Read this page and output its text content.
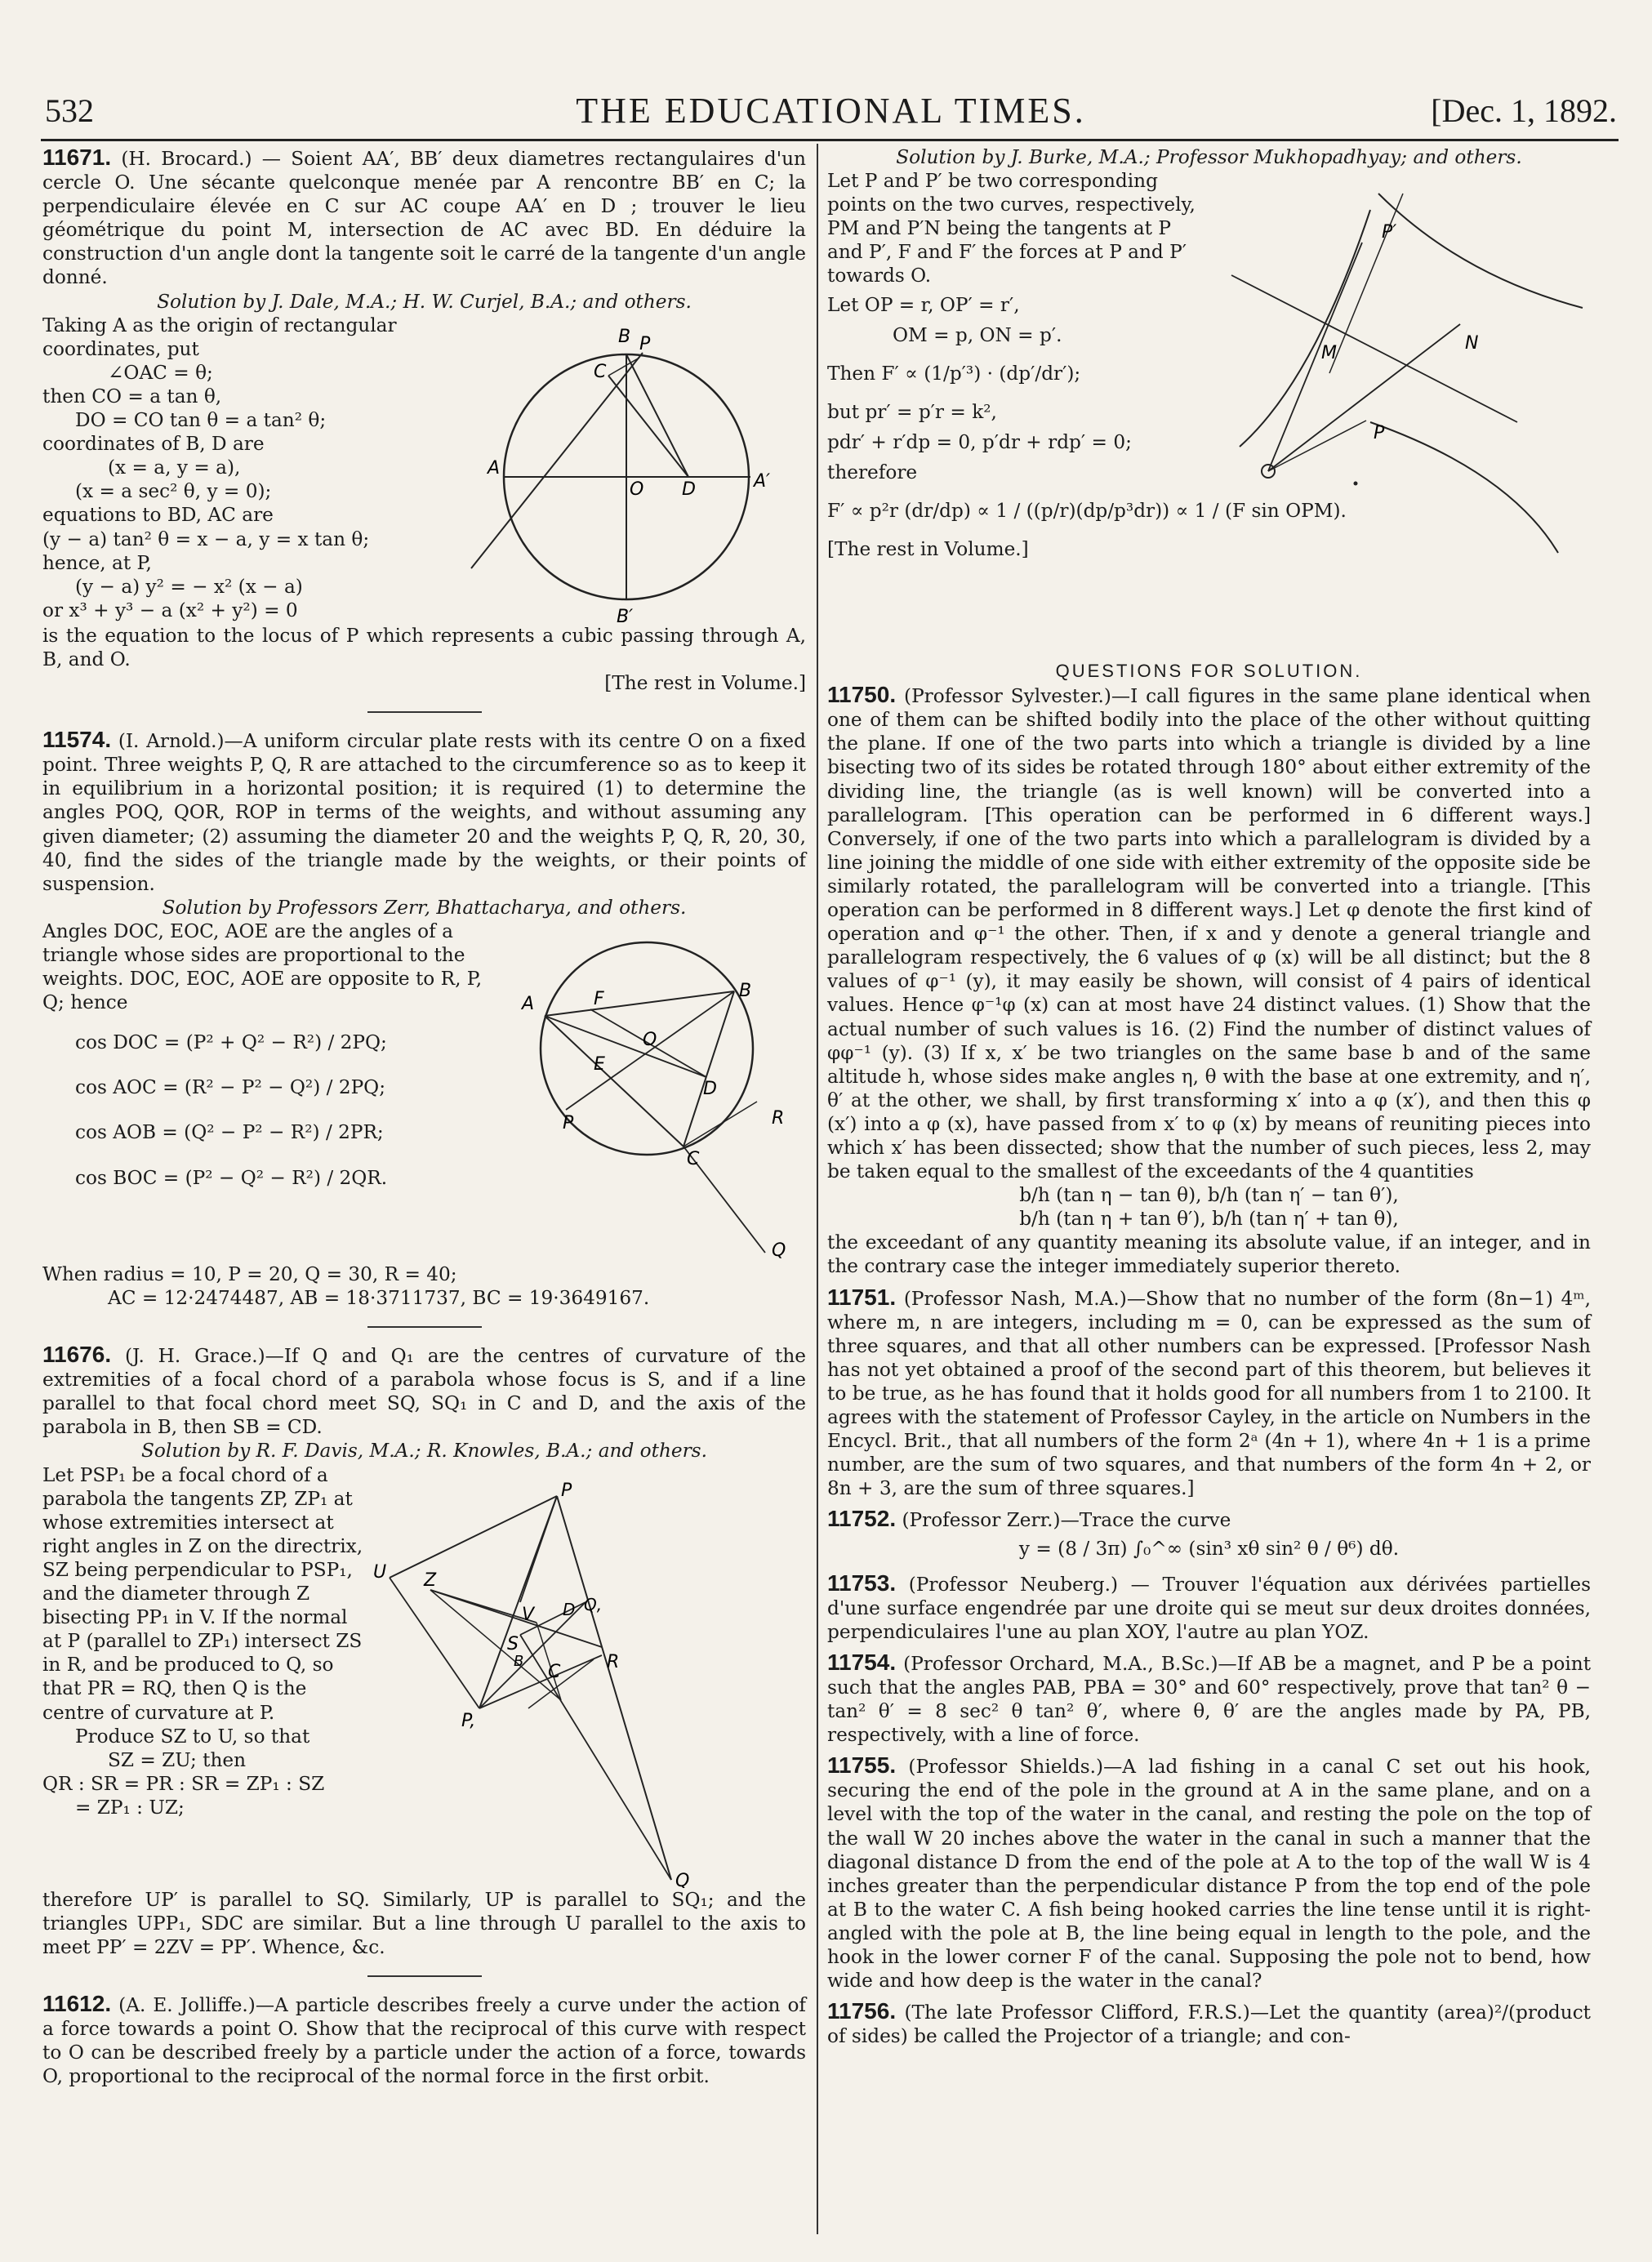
532	THE EDUCATIONAL TIMES.	[Dec. 1, 1892.

11671. (H. Brocard.) — Soient AA′, BB′ deux diametres rectangulaires d'un cercle O. Une sécante quelconque menée par A rencontre BB′ en C; la perpendiculaire élevée en C sur AC coupe AA′ en D ; trouver le lieu géométrique du point M, intersection de AC avec BD. En déduire la construction d'un angle dont la tangente soit le carré de la tangente d'un angle donné.

Solution by J. Dale, M.A.; H. W. Curjel, B.A.; and others.

Taking A as the origin of rectangular coordinates, put

∠OAC = θ;

then CO = a tan θ,

DO = CO tan θ = a tan² θ;

coordinates of B, D are

(x = a, y = a),

(x = a sec² θ, y = 0);

equations to BD, AC are

(y − a) tan² θ = x − a, y = x tan θ;

hence, at P,

(y − a) y² = − x² (x − a)

or x³ + y³ − a (x² + y²) = 0

B P
C
A
A′
O D
B′

is the equation to the locus of P which represents a cubic passing through A, B, and O.

[The rest in Volume.]

11574. (I. Arnold.)—A uniform circular plate rests with its centre O on a fixed point. Three weights P, Q, R are attached to the circumference so as to keep it in equilibrium in a horizontal position; it is required (1) to determine the angles POQ, QOR, ROP in terms of the weights, and without assuming any given diameter; (2) assuming the diameter 20 and the weights P, Q, R, 20, 30, 40, find the sides of the triangle made by the weights, or their points of suspension.

Solution by Professors Zerr, Bhattacharya, and others.

Angles DOC, EOC, AOE are the angles of a triangle whose sides are proportional to the weights. DOC, EOC, AOE are opposite to R, P, Q; hence

cos DOC = (P² + Q² − R²) / 2PQ;

cos AOC = (R² − P² − Q²) / 2PQ;

cos AOB = (Q² − P² − R²) / 2PR;

cos BOC = (P² − Q² − R²) / 2QR.

A	F	B
O
E
P
D
C
R
Q

When radius = 10, P = 20, Q = 30, R = 40;

AC = 12·2474487, AB = 18·3711737, BC = 19·3649167.

11676. (J. H. Grace.)—If Q and Q₁ are the centres of curvature of the extremities of a focal chord of a parabola whose focus is S, and if a line parallel to that focal chord meet SQ, SQ₁ in C and D, and the axis of the parabola in B, then SB = CD.

Solution by R. F. Davis, M.A.; R. Knowles, B.A.; and others.

Let PSP₁ be a focal chord of a parabola the tangents ZP, ZP₁ at whose extremities intersect at right angles in Z on the directrix, SZ being perpendicular to PSP₁, and the diameter through Z bisecting PP₁ in V. If the normal at P (parallel to ZP₁) intersect ZS in R, and be produced to Q, so that PR = RQ, then Q is the centre of curvature at P.

Produce SZ to U, so that

SZ = ZU; then

QR : SR = PR : SR = ZP₁ : SZ

= ZP₁ : UZ;

P
U Z
V D Q,
S
B
C	R
P,
Q

therefore UP′ is parallel to SQ. Similarly, UP is parallel to SQ₁; and the triangles UPP₁, SDC are similar. But a line through U parallel to the axis to meet PP′ = 2ZV = PP′. Whence, &c.

11612. (A. E. Jolliffe.)—A particle describes freely a curve under the action of a force towards a point O. Show that the reciprocal of this curve with respect to O can be described freely by a particle under the action of a force, towards O, proportional to the reciprocal of the normal force in the first orbit.

Solution by J. Burke, M.A.; Professor Mukhopadhyay; and others.

Let P and P′ be two corresponding points on the two curves, respectively, PM and P′N being the tangents at P and P′, F and F′ the forces at P and P′ towards O.

Let OP = r, OP′ = r′,

OM = p, ON = p′.

Then F′ ∝ (1/p′³) · (dp′/dr′);

but pr′ = p′r = k²,

pdr′ + r′dp = 0, p′dr + rdp′ = 0;

therefore

F′ ∝ p²r (dr/dp) ∝ 1 / ((p/r)(dp/p³dr)) ∝ 1 / (F sin OPM).

[The rest in Volume.]

P′
M	N
P

QUESTIONS FOR SOLUTION.

11750. (Professor Sylvester.)—I call figures in the same plane identical when one of them can be shifted bodily into the place of the other without quitting the plane. If one of the two parts into which a triangle is divided by a line bisecting two of its sides be rotated through 180° about either extremity of the dividing line, the triangle (as is well known) will be converted into a parallelogram. [This operation can be performed in 6 different ways.] Conversely, if one of the two parts into which a parallelogram is divided by a line joining the middle of one side with either extremity of the opposite side be similarly rotated, the parallelogram will be converted into a triangle. [This operation can be performed in 8 different ways.] Let φ denote the first kind of operation and φ⁻¹ the other. Then, if x and y denote a general triangle and parallelogram respectively, the 6 values of φ (x) will be all distinct; but the 8 values of φ⁻¹ (y), it may easily be shown, will consist of 4 pairs of identical values. Hence φ⁻¹φ (x) can at most have 24 distinct values. (1) Show that the actual number of such values is 16. (2) Find the number of distinct values of φφ⁻¹ (y). (3) If x, x′ be two triangles on the same base b and of the same altitude h, whose sides make angles η, θ with the base at one extremity, and η′, θ′ at the other, we shall, by first transforming x′ into a φ (x′), and then this φ (x′) into a φ (x), have passed from x′ to φ (x) by means of reuniting pieces into which x′ has been dissected; show that the number of such pieces, less 2, may be taken equal to the smallest of the exceedants of the 4 quantities

b/h (tan η − tan θ), b/h (tan η′ − tan θ′),

b/h (tan η + tan θ′), b/h (tan η′ + tan θ),

the exceedant of any quantity meaning its absolute value, if an integer, and in the contrary case the integer immediately superior thereto.

11751. (Professor Nash, M.A.)—Show that no number of the form (8n−1) 4ᵐ, where m, n are integers, including m = 0, can be expressed as the sum of three squares, and that all other numbers can be expressed. [Professor Nash has not yet obtained a proof of the second part of this theorem, but believes it to be true, as he has found that it holds good for all numbers from 1 to 2100. It agrees with the statement of Professor Cayley, in the article on Numbers in the Encycl. Brit., that all numbers of the form 2ᵃ (4n + 1), where 4n + 1 is a prime number, are the sum of two squares, and that numbers of the form 4n + 2, or 8n + 3, are the sum of three squares.]

11752. (Professor Zerr.)—Trace the curve

y = (8 / 3π) ∫₀^∞ (sin³ xθ sin² θ / θ⁶) dθ.

11753. (Professor Neuberg.) — Trouver l'équation aux dérivées partielles d'une surface engendrée par une droite qui se meut sur deux droites données, perpendiculaires l'une au plan XOY, l'autre au plan YOZ.

11754. (Professor Orchard, M.A., B.Sc.)—If AB be a magnet, and P be a point such that the angles PAB, PBA = 30° and 60° respectively, prove that tan² θ − tan² θ′ = 8 sec² θ tan² θ′, where θ, θ′ are the angles made by PA, PB, respectively, with a line of force.

11755. (Professor Shields.)—A lad fishing in a canal C set out his hook, securing the end of the pole in the ground at A in the same plane, and on a level with the top of the water in the canal, and resting the pole on the top of the wall W 20 inches above the water in the canal in such a manner that the diagonal distance D from the end of the pole at A to the top of the wall W is 4 inches greater than the perpendicular distance P from the top end of the pole at B to the water C. A fish being hooked carries the line tense until it is right-angled with the pole at B, the line being equal in length to the pole, and the hook in the lower corner F of the canal. Supposing the pole not to bend, how wide and how deep is the water in the canal?

11756. (The late Professor Clifford, F.R.S.)—Let the quantity (area)²/(product of sides) be called the Projector of a triangle; and con-
